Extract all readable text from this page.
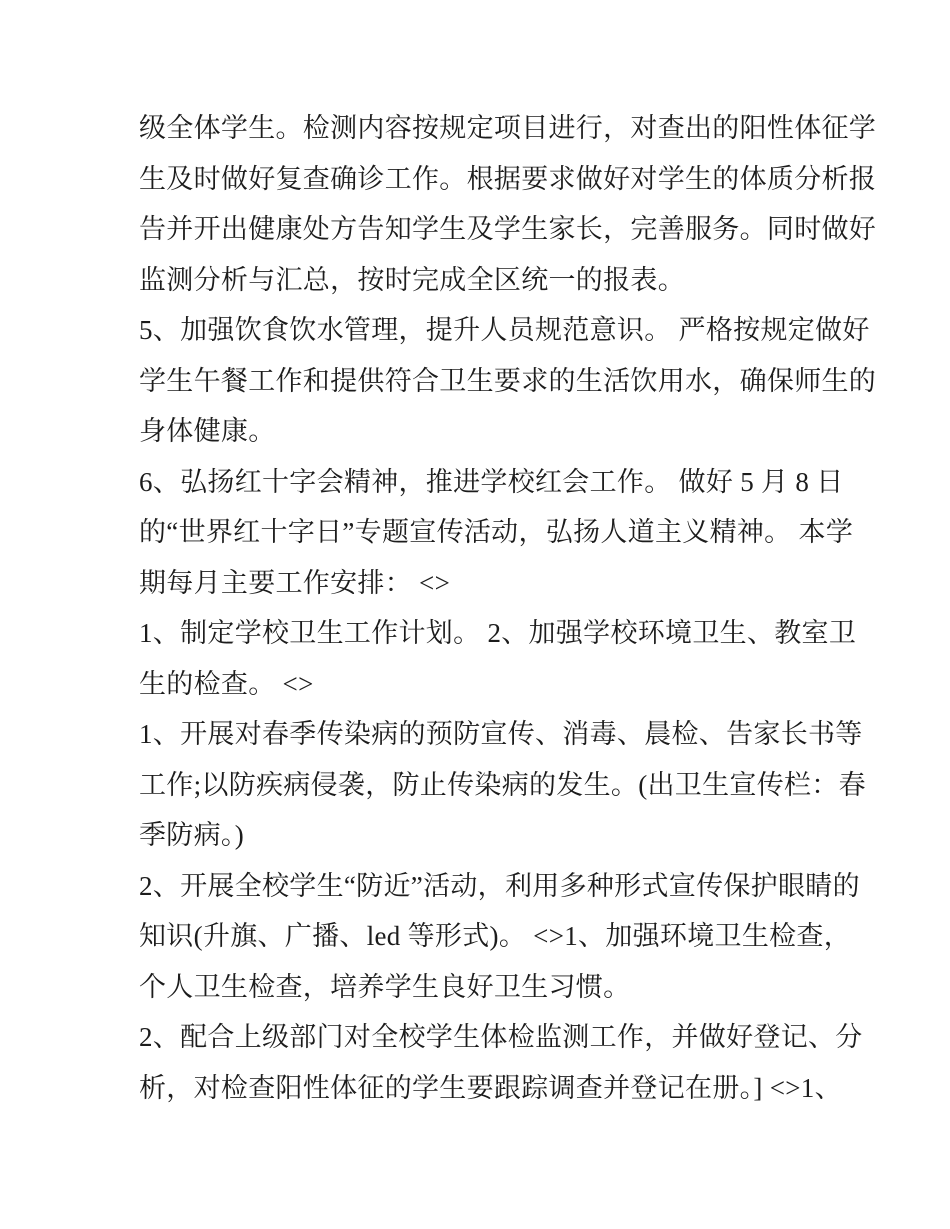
级全体学生。检测内容按规定项目进行，对查出的阳性体征学
生及时做好复查确诊工作。根据要求做好对学生的体质分析报
告并开出健康处方告知学生及学生家长，完善服务。同时做好
监测分析与汇总，按时完成全区统一的报表。
5、加强饮食饮水管理，提升人员规范意识。 严格按规定做好
学生午餐工作和提供符合卫生要求的生活饮用水，确保师生的
身体健康。
6、弘扬红十字会精神，推进学校红会工作。 做好 5 月 8 日
的“世界红十字日”专题宣传活动，弘扬人道主义精神。 本学
期每月主要工作安排： <>
1、制定学校卫生工作计划。 2、加强学校环境卫生、教室卫
生的检查。 <>
1、开展对春季传染病的预防宣传、消毒、晨检、告家长书等
工作;以防疾病侵袭，防止传染病的发生。(出卫生宣传栏：春
季防病。)
2、开展全校学生“防近”活动，利用多种形式宣传保护眼睛的
知识(升旗、广播、led 等形式)。 <>1、加强环境卫生检查，
个人卫生检查，培养学生良好卫生习惯。
2、配合上级部门对全校学生体检监测工作，并做好登记、分
析，对检查阳性体征的学生要跟踪调查并登记在册。] <>1、
